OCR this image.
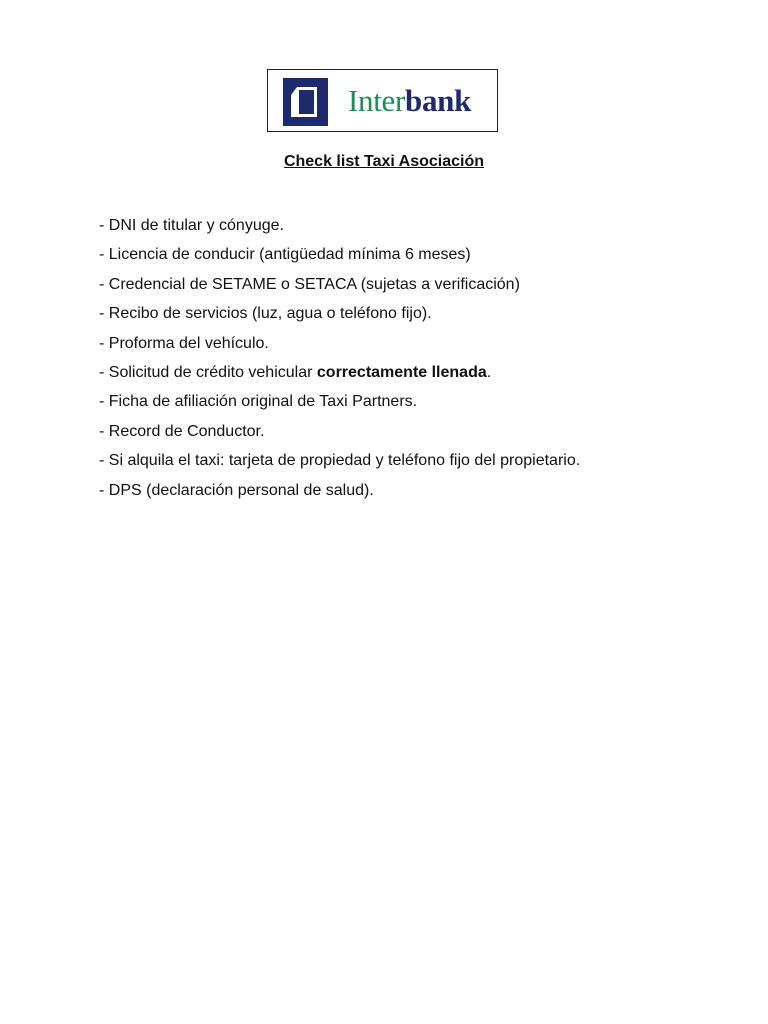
Interbank
Check list Taxi Asociación
- DNI de titular y cónyuge.
- Licencia de conducir (antigüedad mínima 6 meses)
- Credencial de SETAME o SETACA (sujetas a verificación)
- Recibo de servicios (luz, agua o teléfono fijo).
- Proforma del vehículo.
- Solicitud de crédito vehicular correctamente llenada.
- Ficha de afiliación original de Taxi Partners.
- Record de Conductor.
- Si alquila el taxi: tarjeta de propiedad y teléfono fijo del propietario.
- DPS (declaración personal de salud).
